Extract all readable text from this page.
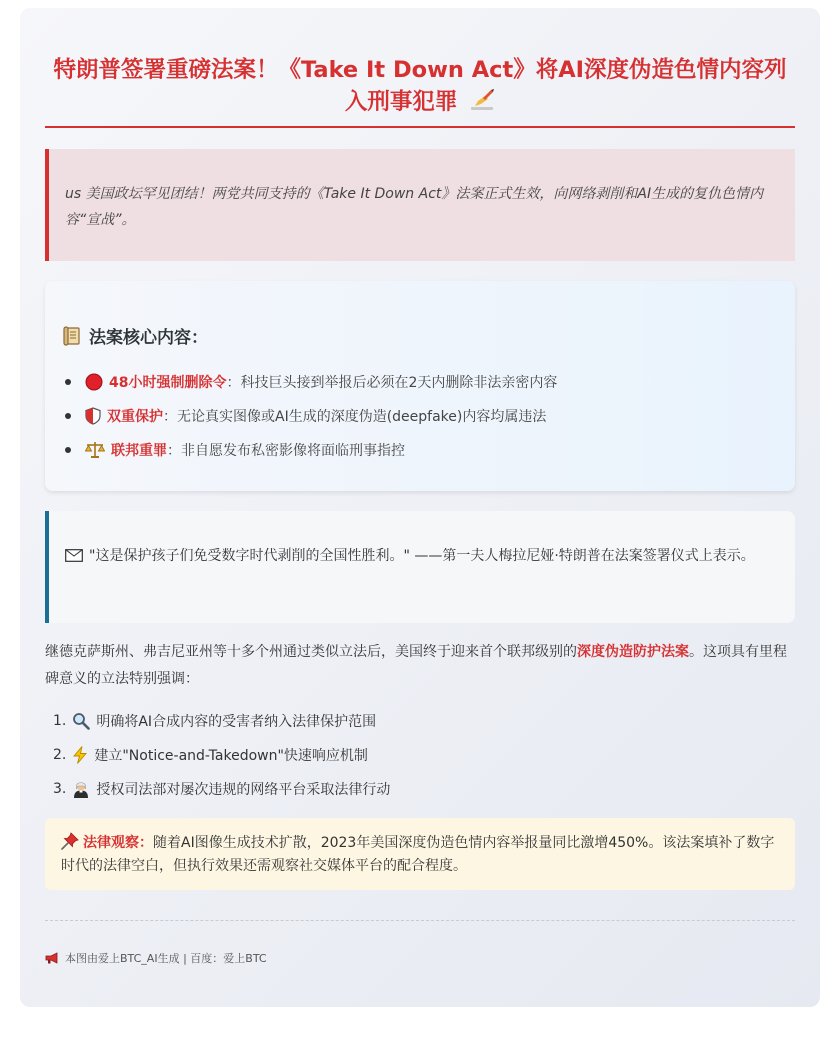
特朗普签署重磅法案！《Take It Down Act》将AI深度伪造色情内容列入刑事犯罪
us 美国政坛罕见团结！两党共同支持的《Take It Down Act》法案正式生效，向网络剥削和AI生成的复仇色情内容“宣战”。
法案核心内容：
48小时强制删除令 ：科技巨头接到举报后必须在2天内删除非法亲密内容
双重保护 ：无论真实图像或AI生成的深度伪造(deepfake)内容均属违法
联邦重罪 ：非自愿发布私密影像将面临刑事指控
"这是保护孩子们免受数字时代剥削的全国性胜利。" ——第一夫人梅拉尼娅·特朗普在法案签署仪式上表示。

继德克萨斯州、弗吉尼亚州等十多个州通过类似立法后，美国终于迎来首个联邦级别的深度伪造防护法案。这项具有里程碑意义的立法特别强调：

1. 明确将AI合成内容的受害者纳入法律保护范围
2. 建立"Notice-and-Takedown"快速响应机制
3. 授权司法部对屡次违规的网络平台采取法律行动
法律观察：随着AI图像生成技术扩散，2023年美国深度伪造色情内容举报量同比激增450%。该法案填补了数字时代的法律空白，但执行效果还需观察社交媒体平台的配合程度。
本图由爱上BTC_AI生成 | 百度：爱上BTC
